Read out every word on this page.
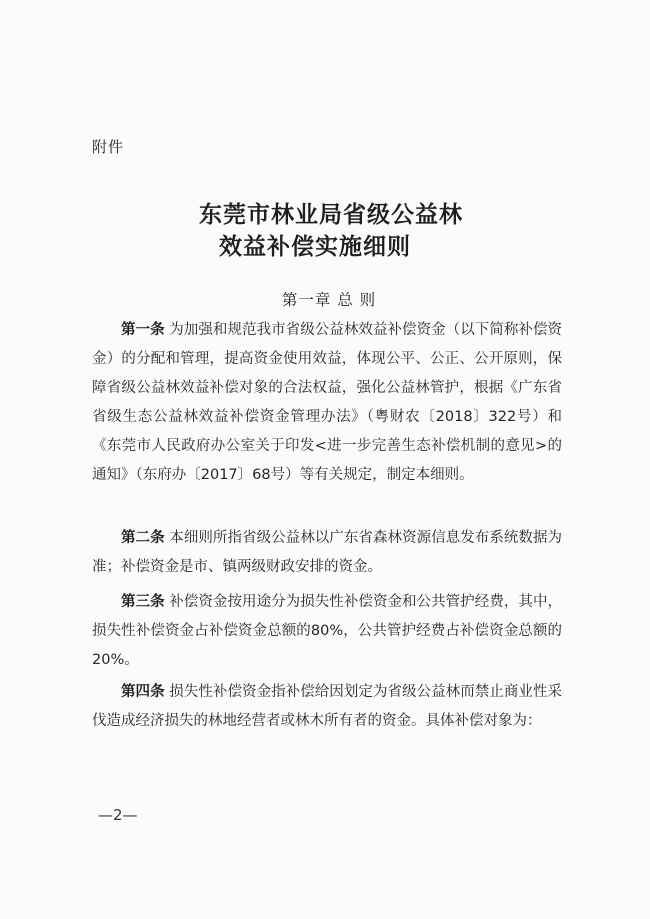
附件
东莞市林业局省级公益林
效益补偿实施细则
第一章 总 则
第一条 为加强和规范我市省级公益林效益补偿资金（以下简称补偿资金）的分配和管理，提高资金使用效益，体现公平、公正、公开原则，保障省级公益林效益补偿对象的合法权益，强化公益林管护，根据《广东省省级生态公益林效益补偿资金管理办法》（粤财农〔2018〕322号）和《东莞市人民政府办公室关于印发<进一步完善生态补偿机制的意见>的通知》（东府办〔2017〕68号）等有关规定，制定本细则。
第二条 本细则所指省级公益林以广东省森林资源信息发布系统数据为准；补偿资金是市、镇两级财政安排的资金。
第三条 补偿资金按用途分为损失性补偿资金和公共管护经费，其中，损失性补偿资金占补偿资金总额的80%，公共管护经费占补偿资金总额的20%。
第四条 损失性补偿资金指补偿给因划定为省级公益林而禁止商业性采伐造成经济损失的林地经营者或林木所有者的资金。具体补偿对象为：
—2—
